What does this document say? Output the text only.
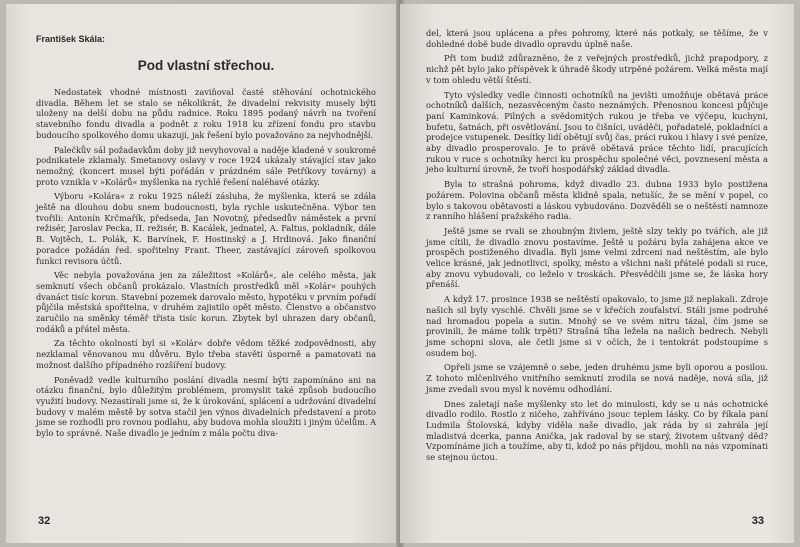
František Skála:

Pod vlastní střechou.

Nedostatek vhodné místnosti zaviňoval časté stěhování ochotnického divadla. Během let se stalo se několikrát, že divadelní rekvisity musely býti uloženy na delší dobu na půdu radnice. Roku 1895 podaný návrh na tvoření stavebního fondu divadla a podnět z roku 1918 ku zřízení fondu pro stavbu budoucího spolkového domu ukazují, jak řešení bylo považováno za nejvhodnější.

Palečkův sál požadavkům doby již nevyhovoval a naděje kladené v soukromé podnikatele zklamaly. Smetanovy oslavy v roce 1924 ukázaly stávající stav jako nemožný, (koncert musel býti pořádán v prázdném sále Petříkovy továrny) a proto vznikla v »Kolárů« myšlenka na rychlé řešení naléhavé otázky.

Výboru »Kolára« z roku 1925 náleží zásluha, že myšlenka, která se zdála ještě na dlouhou dobu snem budoucnosti, byla rychle uskutečněna. Výbor ten tvořili: Antonín Krčmařík, předseda, Jan Novotný, předsedův náměstek a první režisér, Jaroslav Pecka, II. režisér, B. Kacálek, jednatel, A. Faltus, pokladník, dále B. Vojtěch, L. Polák, K. Barvínek, F. Hostinský a J. Hrdinová. Jako finanční poradce požádán řed. spořitelny Frant. Theer, zastávající zároveň spolkovou funkci revisora účtů.

Věc nebyla považována jen za záležitost »Kolárů«, ale celého města, jak semknutí všech občanů prokázalo. Vlastních prostředků měl »Kolár« pouhých dvanáct tisíc korun. Stavební pozemek darovalo město, hypotéku v prvním pořadí půjčila městská spořitelna, v druhém zajistilo opět město. Členstvo a občanstvo zaručilo na směnky téměř třista tisíc korun. Zbytek byl uhrazen dary občanů, rodáků a přátel města.

Za těchto okolností byl si »Kolár« dobře vědom těžké zodpovědnosti, aby nezklamal věnovanou mu důvěru. Bylo třeba stavěti úsporně a pamatovati na možnost dalšího případného rozšíření budovy.

Poněvadž vedle kulturního poslání divadla nesmí býti zapomínáno ani na otázku finanční, bylo důležitým problémem, promyslit také způsob budoucího využití budovy. Nezastírali jsme si, že k úrokování, splácení a udržování divadelní budovy v malém městě by sotva stačil jen výnos divadelních představení a proto jsme se rozhodli pro rovnou podlahu, aby budova mohla sloužiti i jiným účelům. A bylo to správné. Naše divadlo je jedním z mála počtu diva-

32

del, která jsou uplácena a přes pohromy, které nás potkaly, se těšíme, že v dohledné době bude divadlo opravdu úplně naše.

Při tom budiž zdůrazněno, že z veřejných prostředků, jichž prapodpory, z nichž pět bylo jako příspěvek k úhradě škody utrpěné požárem. Velká města mají v tom ohledu větší štěstí.

Tyto výsledky vedle činnosti ochotníků na jevišti umožňuje obětavá práce ochotníků dalších, nezasvěceným často neznámých. Přenosnou koncesi půjčuje paní Kaminková. Pilných a svědomitých rukou je třeba ve výčepu, kuchyni, bufetu, šatnách, při osvětlování. Jsou to čišníci, uváděči, pořadatelé, pokladníci a prodejce vstupenek. Desítky lidí obětují svůj čas, práci rukou i hlavy i své peníze, aby divadlo prosperovalo. Je to právě obětavá práce těchto lidí, pracujících rukou v ruce s ochotníky herci ku prospěchu společné věci, povznesení města a jeho kulturní úrovně, že tvoří hospodářský základ divadla.

Byla to strašná pohroma, když divadlo 23. dubna 1933 bylo postižena požárem. Polovina občanů města klidně spala, netušíc, že se mění v popel, co bylo s takovou obětavostí a láskou vybudováno. Dozvěděli se o neštěstí namnoze z ranního hlášení pražského radia.

Ještě jsme se rvali se zhoubným živlem, ještě slzy tekly po tvářích, ale již jsme cítili, že divadlo znovu postavíme. Ještě u požáru byla zahájena akce ve prospěch postiženého divadla. Byli jsme velmi zdrceni nad neštěstím, ale bylo velice krásné, jak jednotlivci, spolky, město a všichni naši přátelé podali si ruce, aby znovu vybudovali, co leželo v troskách. Přesvědčili jsme se, že láska hory přenáší.

A když 17. prosince 1938 se neštěstí opakovalo, to jsme již neplakali. Zdroje našich sil byly vyschlé. Chvěli jsme se v křečích zoufalství. Stáli jsme podruhé nad hromadou popela a sutin. Mnohý se ve svém nitru tázal, čím jsme se provinili, že máme tolik trpěti? Strašná tíha ležela na našich bedrech. Nebyli jsme schopni slova, ale četli jsme si v očích, že i tentokrát podstoupíme s osudem boj.

Opřeli jsme se vzájemně o sebe, jeden druhému jsme byli oporou a posilou. Z tohoto mlčenlivého vnitřního semknutí zrodila se nová naděje, nová síla, již jsme zvedali svou mysl k novému odhodlání.

Dnes zaletají naše myšlenky sto let do minulosti, kdy se u nás ochotnické divadlo rodilo. Rostlo z ničeho, zahříváno jsouc teplem lásky. Co by říkala paní Ludmila Štolovská, kdyby viděla naše divadlo, jak ráda by si zahrála její mladistvá dcerka, panna Anička, jak radoval by se starý, životem uštvaný děd? Vzpomínáme jich a toužíme, aby ti, kdož po nás přijdou, mohli na nás vzpomínati se stejnou úctou.

33
